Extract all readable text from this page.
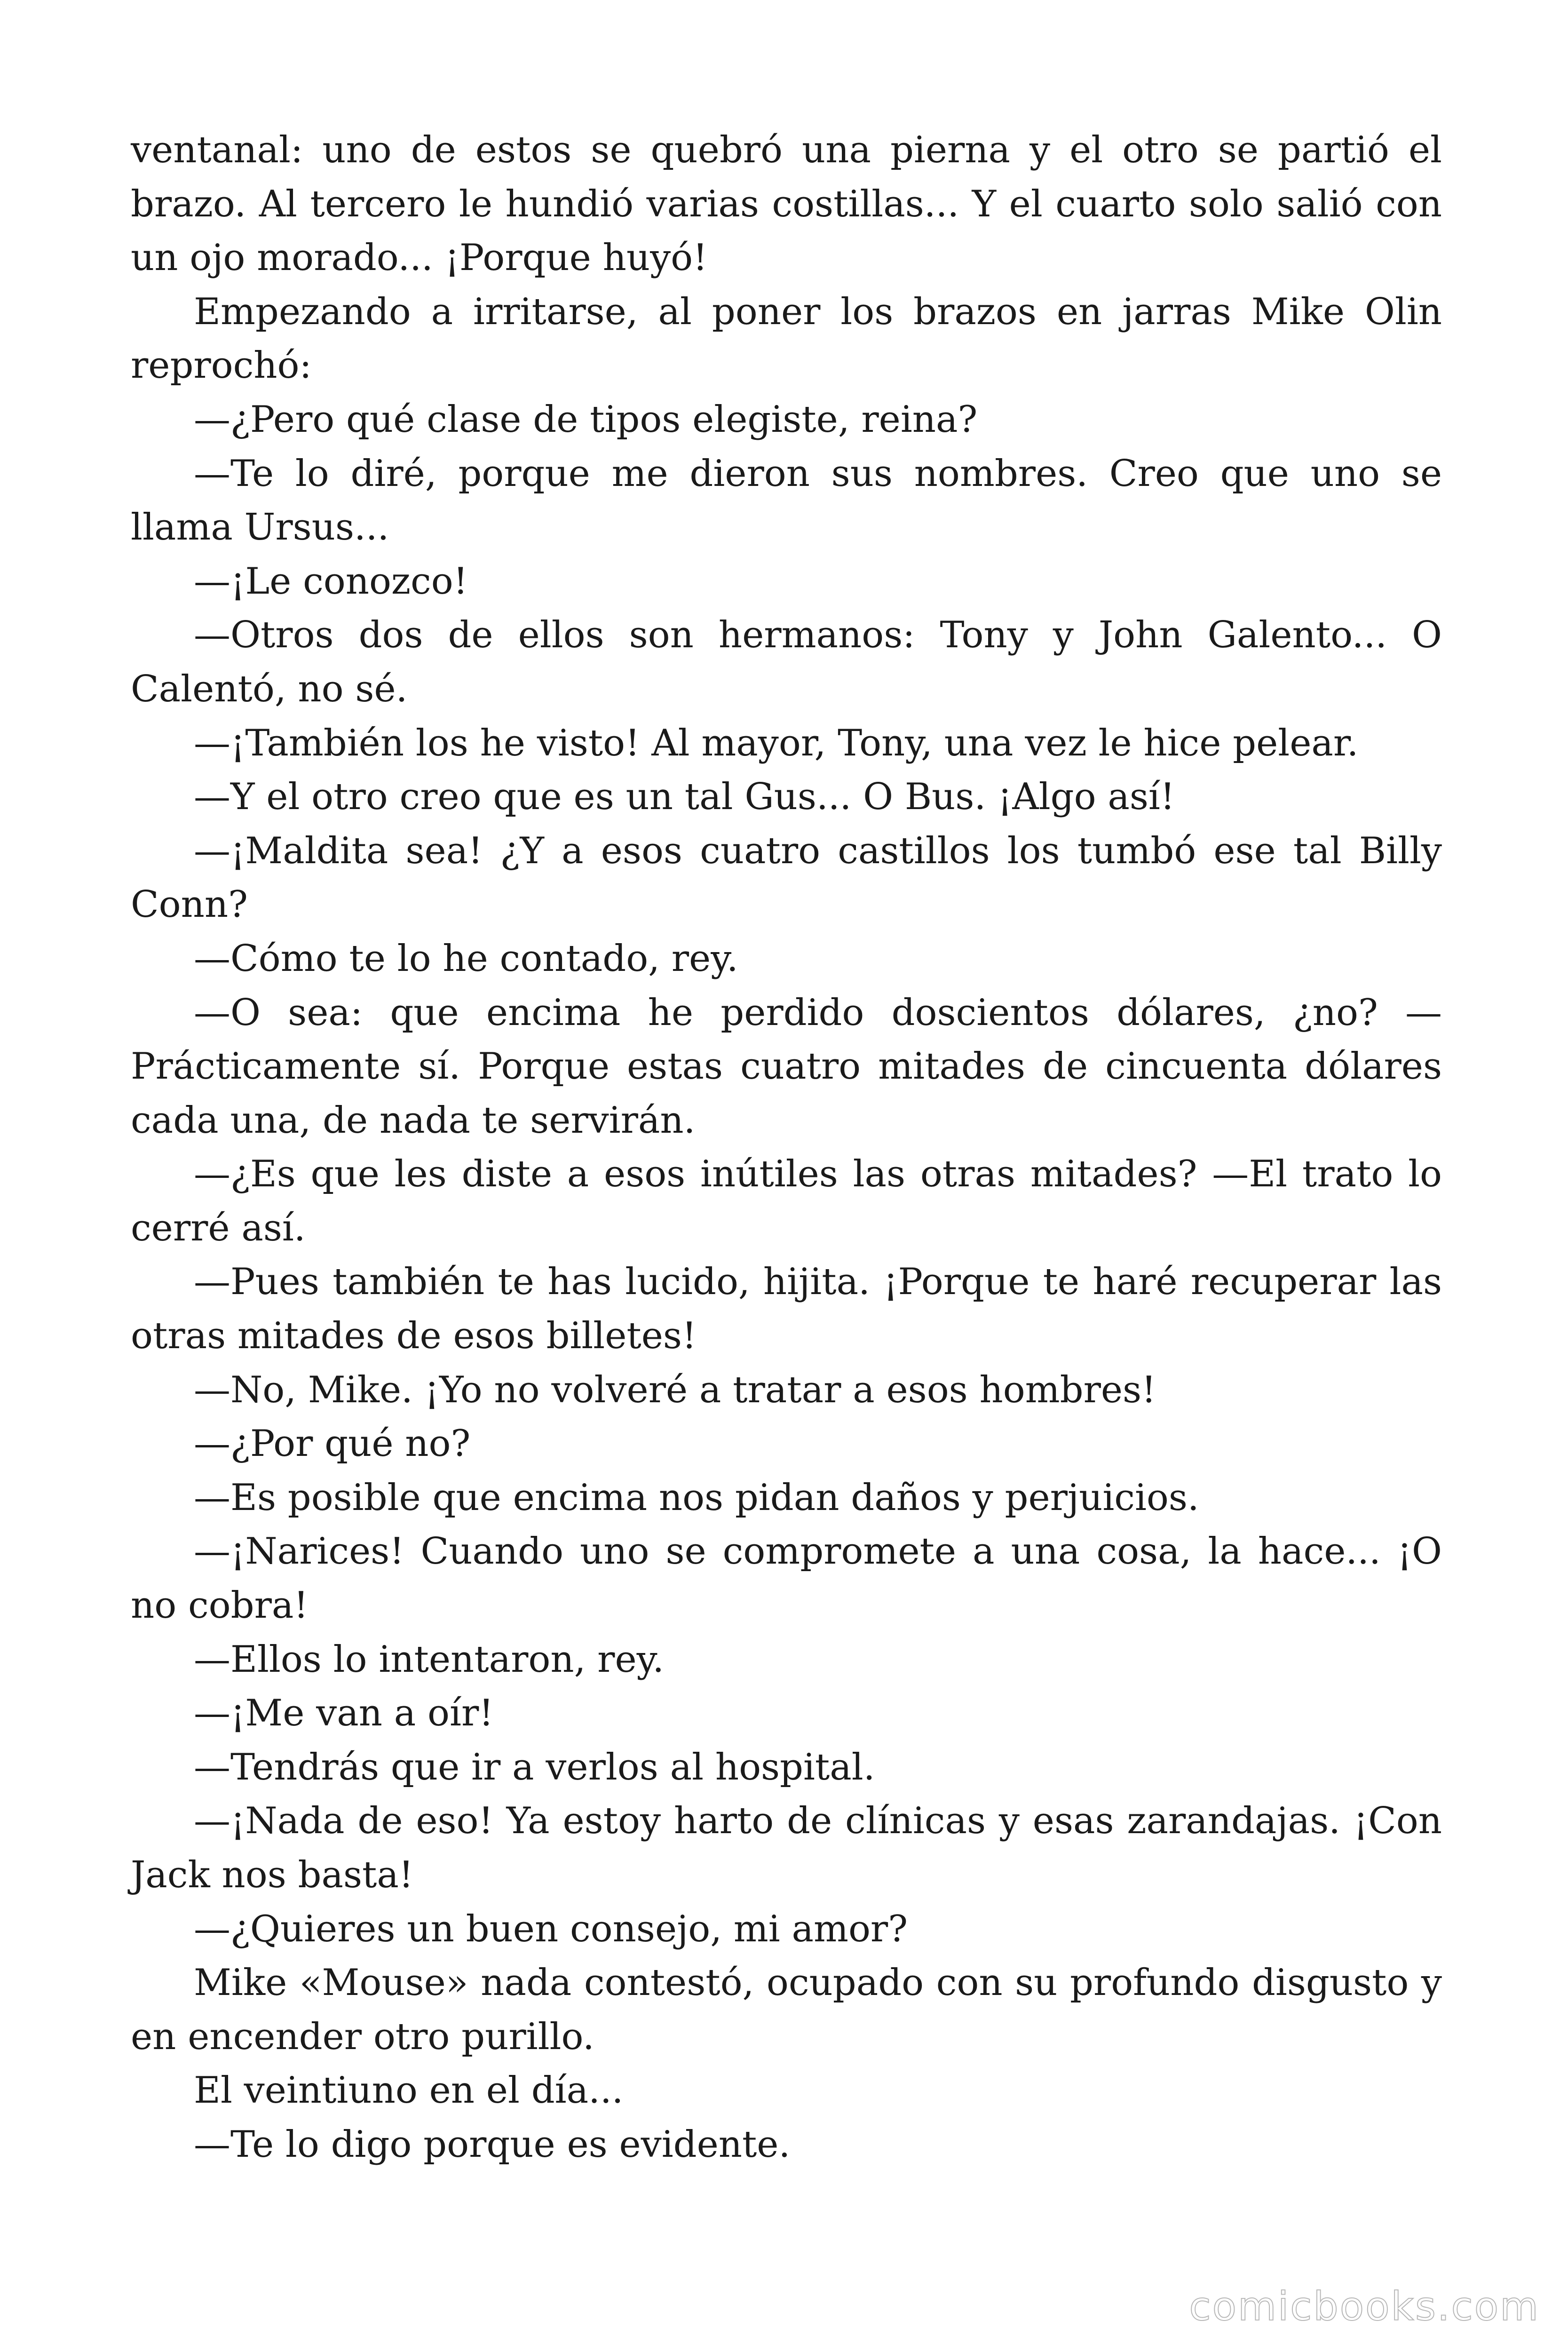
ventanal: uno de estos se quebró una pierna y el otro se partió el brazo. Al tercero le hundió varias costillas... Y el cuarto solo salió con un ojo morado... ¡Porque huyó!

Empezando a irritarse, al poner los brazos en jarras Mike Olin reprochó:

—¿Pero qué clase de tipos elegiste, reina?

—Te lo diré, porque me dieron sus nombres. Creo que uno se llama Ursus...

—¡Le conozco!

—Otros dos de ellos son hermanos: Tony y John Galento... O Calentó, no sé.

—¡También los he visto! Al mayor, Tony, una vez le hice pelear.

—Y el otro creo que es un tal Gus... O Bus. ¡Algo así!

—¡Maldita sea! ¿Y a esos cuatro castillos los tumbó ese tal Billy Conn?

—Cómo te lo he contado, rey.

—O sea: que encima he perdido doscientos dólares, ¿no? —Prácticamente sí. Porque estas cuatro mitades de cincuenta dólares cada una, de nada te servirán.

—¿Es que les diste a esos inútiles las otras mitades? —El trato lo cerré así.

—Pues también te has lucido, hijita. ¡Porque te haré recuperar las otras mitades de esos billetes!

—No, Mike. ¡Yo no volveré a tratar a esos hombres!

—¿Por qué no?

—Es posible que encima nos pidan daños y perjuicios.

—¡Narices! Cuando uno se compromete a una cosa, la hace... ¡O no cobra!

—Ellos lo intentaron, rey.

—¡Me van a oír!

—Tendrás que ir a verlos al hospital.

—¡Nada de eso! Ya estoy harto de clínicas y esas zarandajas. ¡Con Jack nos basta!

—¿Quieres un buen consejo, mi amor?

Mike «Mouse» nada contestó, ocupado con su profundo disgusto y en encender otro purillo.

El veintiuno en el día...

—Te lo digo porque es evidente.

comicbooks.com
